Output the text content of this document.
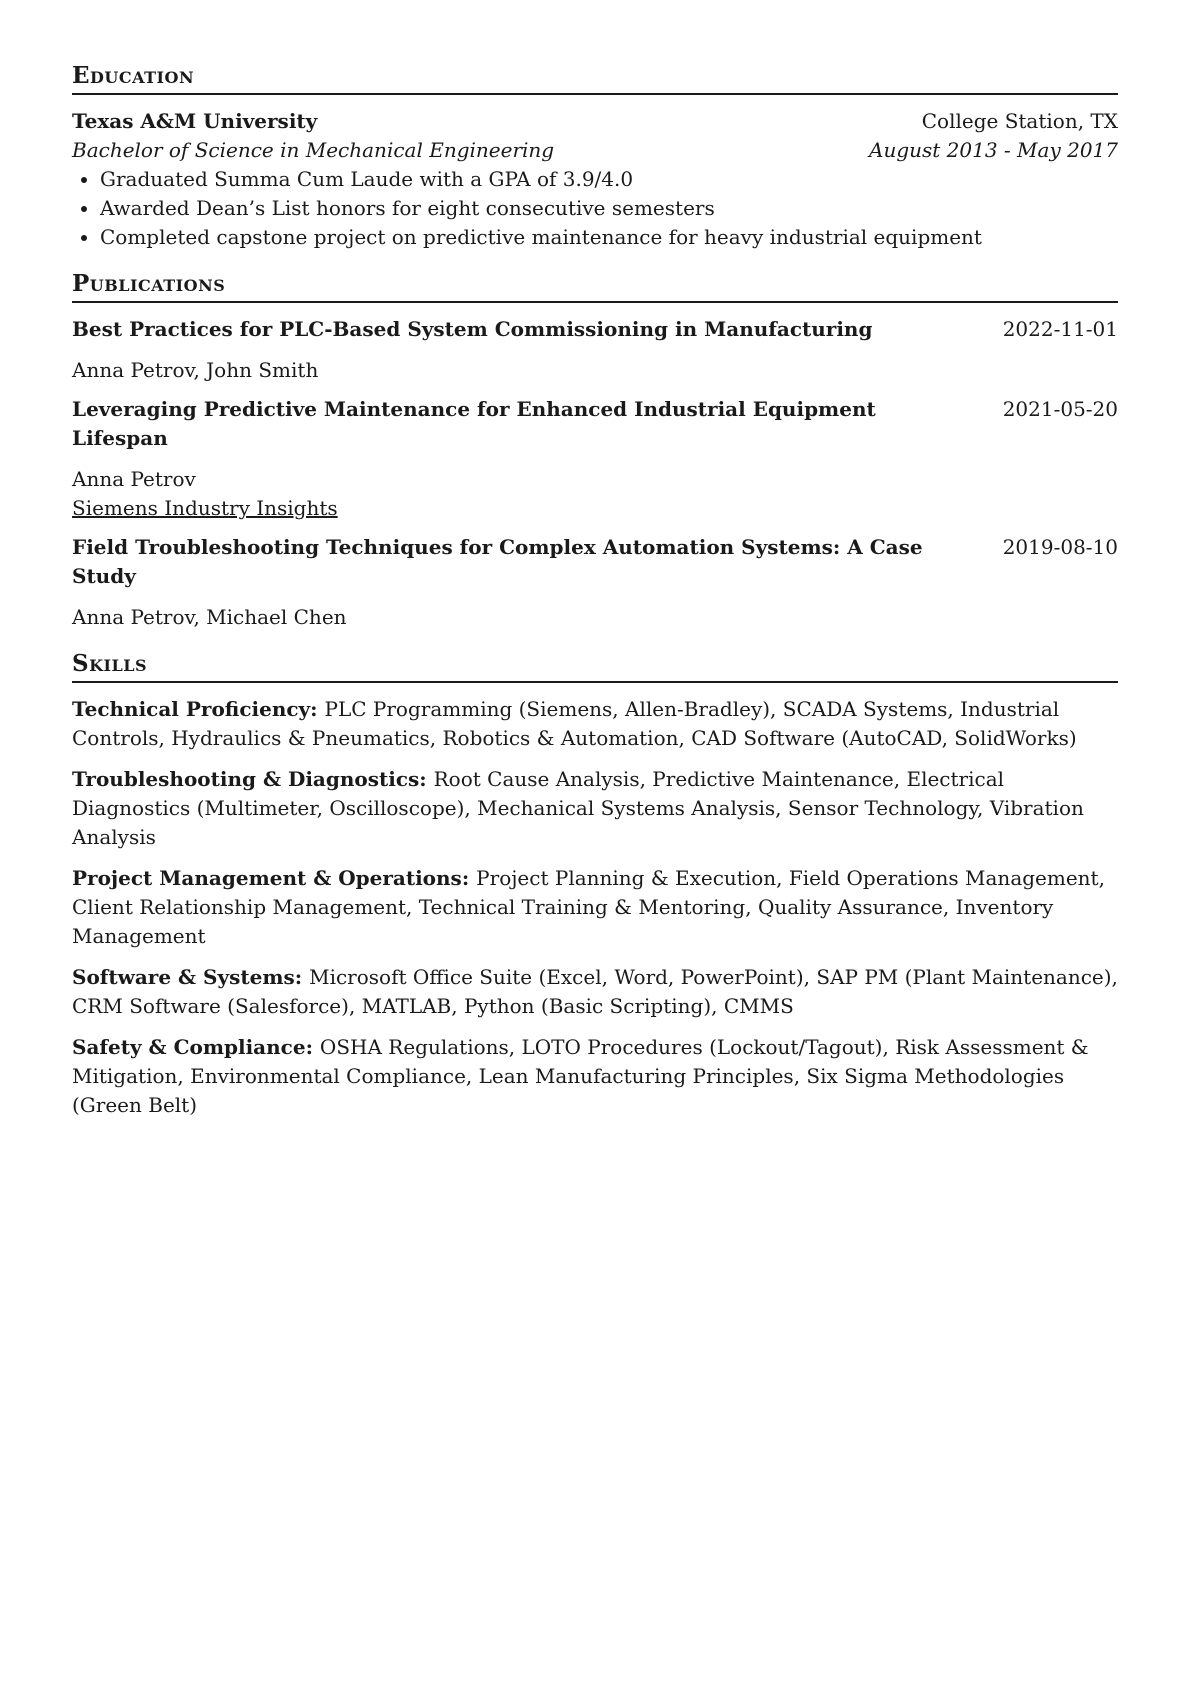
Education
Texas A&M University	College Station, TX
Bachelor of Science in Mechanical Engineering	August 2013 - May 2017
• Graduated Summa Cum Laude with a GPA of 3.9/4.0
• Awarded Dean’s List honors for eight consecutive semesters
• Completed capstone project on predictive maintenance for heavy industrial equipment
Publications
Best Practices for PLC-Based System Commissioning in Manufacturing	2022-11-01
Anna Petrov, John Smith
Leveraging Predictive Maintenance for Enhanced Industrial Equipment Lifespan
2021-05-20
Anna Petrov
Siemens Industry Insights
Field Troubleshooting Techniques for Complex Automation Systems: A Case Study
2019-08-10
Anna Petrov, Michael Chen
Skills
Technical Proficiency: PLC Programming (Siemens, Allen-Bradley), SCADA Systems, Industrial Controls, Hydraulics & Pneumatics, Robotics & Automation, CAD Software (AutoCAD, SolidWorks)
Troubleshooting & Diagnostics: Root Cause Analysis, Predictive Maintenance, Electrical Diagnostics (Multimeter, Oscilloscope), Mechanical Systems Analysis, Sensor Technology, Vibration Analysis
Project Management & Operations: Project Planning & Execution, Field Operations Management, Client Relationship Management, Technical Training & Mentoring, Quality Assurance, Inventory Management
Software & Systems: Microsoft Office Suite (Excel, Word, PowerPoint), SAP PM (Plant Maintenance), CRM Software (Salesforce), MATLAB, Python (Basic Scripting), CMMS
Safety & Compliance: OSHA Regulations, LOTO Procedures (Lockout/Tagout), Risk Assessment & Mitigation, Environmental Compliance, Lean Manufacturing Principles, Six Sigma Methodologies (Green Belt)
